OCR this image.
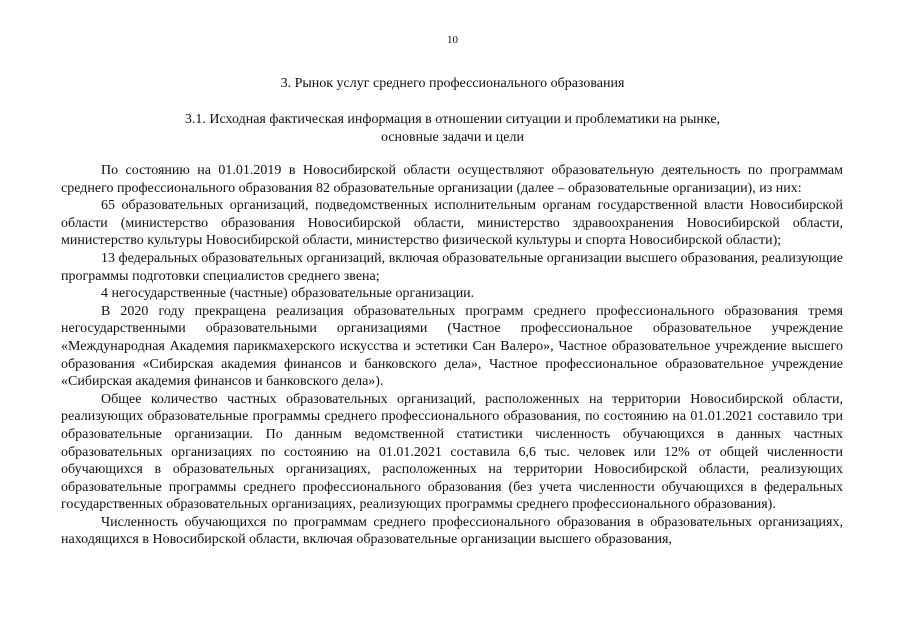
10
3. Рынок услуг среднего профессионального образования
3.1. Исходная фактическая информация в отношении ситуации и проблематики на рынке,
основные задачи и цели

По состоянию на 01.01.2019 в Новосибирской области осуществляют образовательную деятельность по программам среднего профессионального образования 82 образовательные организации (далее – образовательные организации), из них:

65 образовательных организаций, подведомственных исполнительным органам государственной власти Новосибирской области (министерство образования Новосибирской области, министерство здравоохранения Новосибирской области, министерство культуры Новосибирской области, министерство физической культуры и спорта Новосибирской области);

13 федеральных образовательных организаций, включая образовательные организации высшего образования, реализующие программы подготовки специалистов среднего звена;

4 негосударственные (частные) образовательные организации.

В 2020 году прекращена реализация образовательных программ среднего профессионального образования тремя негосударственными образовательными организациями (Частное профессиональное образовательное учреждение «Международная Академия парикмахерского искусства и эстетики Сан Валеро», Частное образовательное учреждение высшего образования «Сибирская академия финансов и банковского дела», Частное профессиональное образовательное учреждение «Сибирская академия финансов и банковского дела»).

Общее количество частных образовательных организаций, расположенных на территории Новосибирской области, реализующих образовательные программы среднего профессионального образования, по состоянию на 01.01.2021 составило три образовательные организации. По данным ведомственной статистики численность обучающихся в данных частных образовательных организациях по состоянию на 01.01.2021 составила 6,6 тыс. человек или 12% от общей численности обучающихся в образовательных организациях, расположенных на территории Новосибирской области, реализующих образовательные программы среднего профессионального образования (без учета численности обучающихся в федеральных государственных образовательных организациях, реализующих программы среднего профессионального образования).

Численность обучающихся по программам среднего профессионального образования в образовательных организациях, находящихся в Новосибирской области, включая образовательные организации высшего образования,
